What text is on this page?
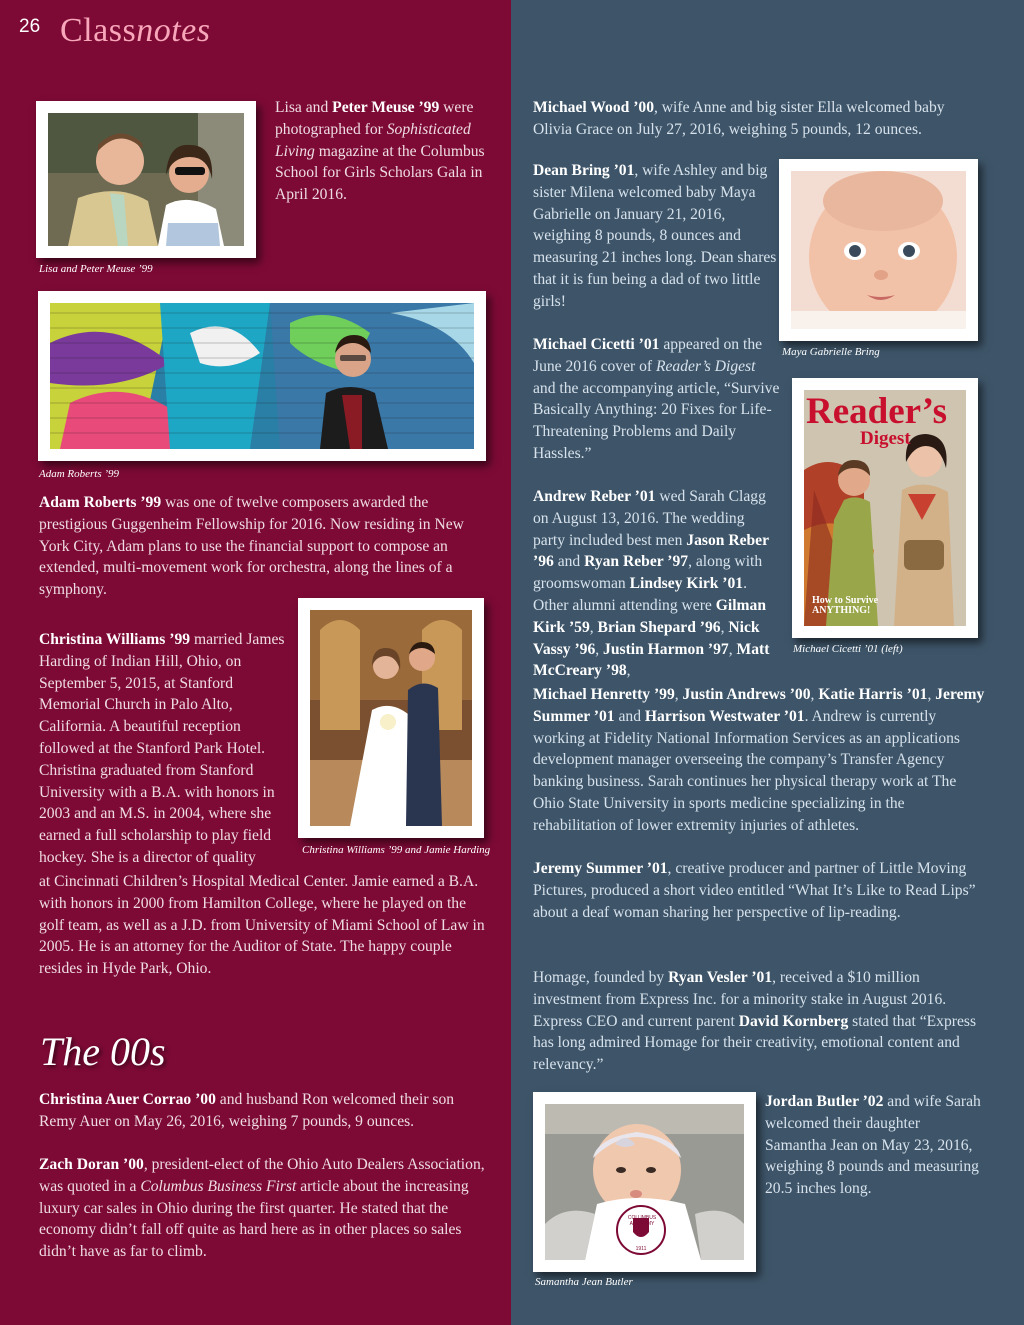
26 Classnotes
Lisa and Peter Meuse ’99
Lisa and Peter Meuse ’99 were photographed for Sophisticated Living magazine at the Columbus School for Girls Scholars Gala in April 2016.
Adam Roberts ’99
Adam Roberts ’99 was one of twelve composers awarded the prestigious Guggenheim Fellowship for 2016. Now residing in New York City, Adam plans to use the financial support to compose an extended, multi-movement work for orchestra, along the lines of a symphony.
Christina Williams ’99 and Jamie Harding
Christina Williams ’99 married James Harding of Indian Hill, Ohio, on September 5, 2015, at Stanford Memorial Church in Palo Alto, California. A beautiful reception followed at the Stanford Park Hotel. Christina graduated from Stanford University with a B.A. with honors in 2003 and an M.S. in 2004, where she earned a full scholarship to play field hockey. She is a director of quality
at Cincinnati Children’s Hospital Medical Center. Jamie earned a B.A. with honors in 2000 from Hamilton College, where he played on the golf team, as well as a J.D. from University of Miami School of Law in 2005. He is an attorney for the Auditor of State. The happy couple resides in Hyde Park, Ohio.
The 00s
Christina Auer Corrao ’00 and husband Ron welcomed their son Remy Auer on May 26, 2016, weighing 7 pounds, 9 ounces.
Zach Doran ’00, president-elect of the Ohio Auto Dealers Association, was quoted in a Columbus Business First article about the increasing luxury car sales in Ohio during the first quarter. He stated that the economy didn’t fall off quite as hard here as in other places so sales didn’t have as far to climb.
Michael Wood ’00, wife Anne and big sister Ella welcomed baby Olivia Grace on July 27, 2016, weighing 5 pounds, 12 ounces.
Dean Bring ’01, wife Ashley and big sister Milena welcomed baby Maya Gabrielle on January 21, 2016, weighing 8 pounds, 8 ounces and measuring 21 inches long. Dean shares that it is fun being a dad of two little girls!
Maya Gabrielle Bring
Michael Cicetti ’01 appeared on the June 2016 cover of Reader’s Digest and the accompanying article, “Survive Basically Anything: 20 Fixes for Life-Threatening Problems and Daily Hassles.”
Reader’s
Digest
How to Survive
ANYTHING!
Michael Cicetti ’01 (left)
Andrew Reber ’01 wed Sarah Clagg on August 13, 2016. The wedding party included best men Jason Reber ’96 and Ryan Reber ’97, along with groomswoman Lindsey Kirk ’01. Other alumni attending were Gilman Kirk ’59, Brian Shepard ’96, Nick Vassy ’96, Justin Harmon ’97, Matt McCreary ’98,
Michael Henretty ’99, Justin Andrews ’00, Katie Harris ’01, Jeremy Summer ’01 and Harrison Westwater ’01. Andrew is currently working at Fidelity National Information Services as an applications development manager overseeing the company’s Transfer Agency banking business. Sarah continues her physical therapy work at The Ohio State University in sports medicine specializing in the rehabilitation of lower extremity injuries of athletes.
Jeremy Summer ’01, creative producer and partner of Little Moving Pictures, produced a short video entitled “What It’s Like to Read Lips” about a deaf woman sharing her perspective of lip-reading.
Homage, founded by Ryan Vesler ’01, received a $10 million investment from Express Inc. for a minority stake in August 2016. Express CEO and current parent David Kornberg stated that “Express has long admired Homage for their creativity, emotional content and relevancy.”
COLUMBUS ACADEMY
1911
Samantha Jean Butler
Jordan Butler ’02 and wife Sarah welcomed their daughter Samantha Jean on May 23, 2016, weighing 8 pounds and measuring 20.5 inches long.
